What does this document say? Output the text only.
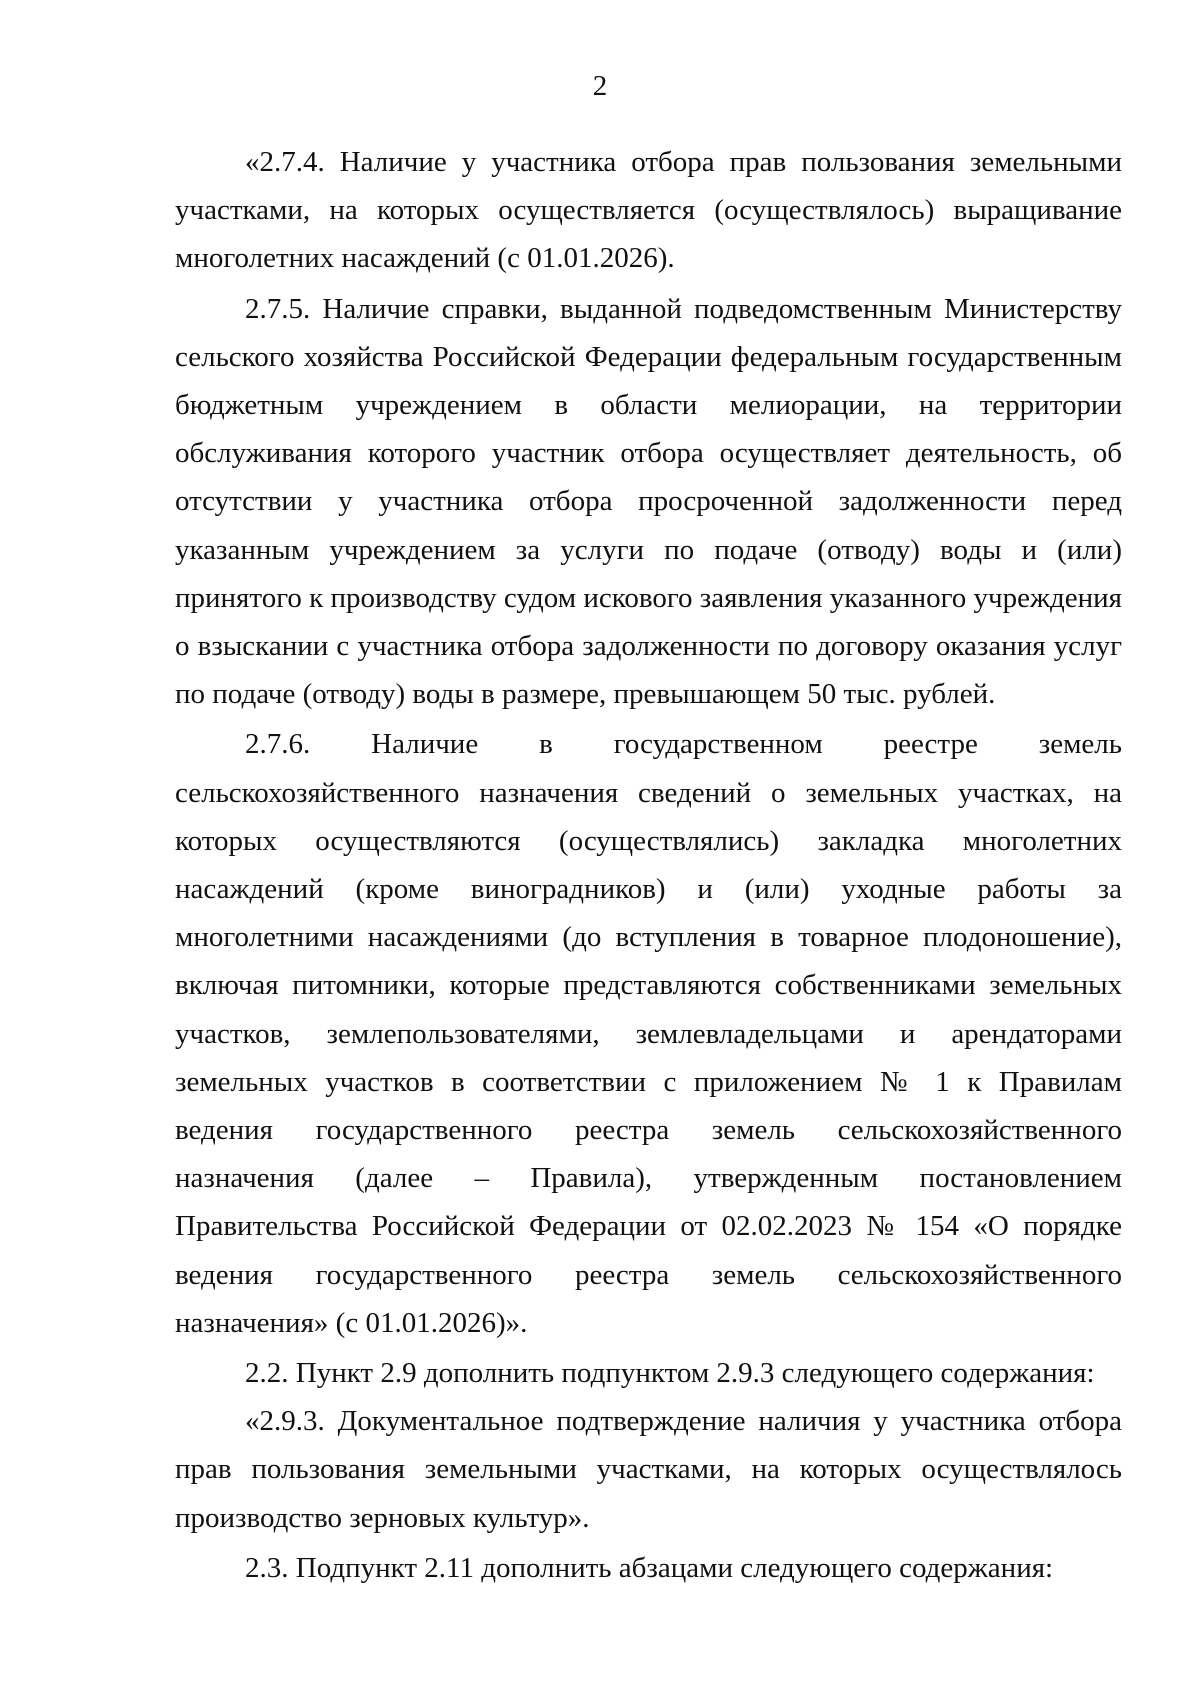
2

«2.7.4. Наличие у участника отбора прав пользования земельными участками, на которых осуществляется (осуществлялось) выращивание многолетних насаждений (с 01.01.2026).

2.7.5. Наличие справки, выданной подведомственным Министерству сельского хозяйства Российской Федерации федеральным государственным бюджетным учреждением в области мелиорации, на территории обслуживания которого участник отбора осуществляет деятельность, об отсутствии у участника отбора просроченной задолженности перед указанным учреждением за услуги по подаче (отводу) воды и (или) принятого к производству судом искового заявления указанного учреждения о взыскании с участника отбора задолженности по договору оказания услуг по подаче (отводу) воды в размере, превышающем 50 тыс. рублей.

2.7.6. Наличие в государственном реестре земель сельскохозяйственного назначения сведений о земельных участках, на которых осуществляются (осуществлялись) закладка многолетних насаждений (кроме виноградников) и (или) уходные работы за многолетними насаждениями (до вступления в товарное плодоношение), включая питомники, которые представляются собственниками земельных участков, землепользователями, землевладельцами и арендаторами земельных участков в соответствии с приложением № 1 к Правилам ведения государственного реестра земель сельскохозяйственного назначения (далее – Правила), утвержденным постановлением Правительства Российской Федерации от 02.02.2023 № 154 «О порядке ведения государственного реестра земель сельскохозяйственного назначения» (с 01.01.2026)».

2.2. Пункт 2.9 дополнить подпунктом 2.9.3 следующего содержания:

«2.9.3. Документальное подтверждение наличия у участника отбора прав пользования земельными участками, на которых осуществлялось производство зерновых культур».

2.3. Подпункт 2.11 дополнить абзацами следующего содержания:
